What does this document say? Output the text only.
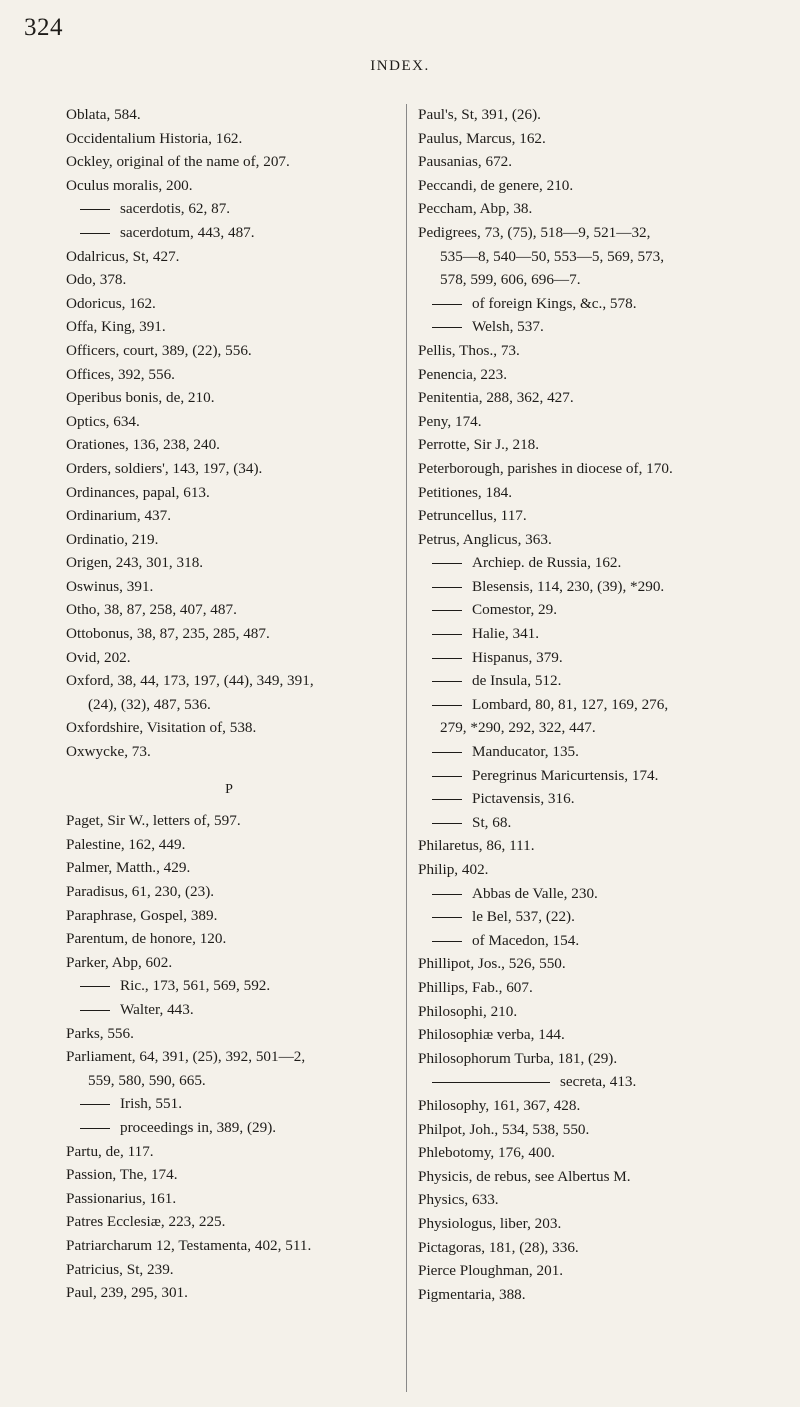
324
INDEX.
Oblata, 584.
Occidentalium Historia, 162.
Ockley, original of the name of, 207.
Oculus moralis, 200.
sacerdotis, 62, 87.
sacerdotum, 443, 487.
Odalricus, St, 427.
Odo, 378.
Odoricus, 162.
Offa, King, 391.
Officers, court, 389, (22), 556.
Offices, 392, 556.
Operibus bonis, de, 210.
Optics, 634.
Orationes, 136, 238, 240.
Orders, soldiers', 143, 197, (34).
Ordinances, papal, 613.
Ordinarium, 437.
Ordinatio, 219.
Origen, 243, 301, 318.
Oswinus, 391.
Otho, 38, 87, 258, 407, 487.
Ottobonus, 38, 87, 235, 285, 487.
Ovid, 202.
Oxford, 38, 44, 173, 197, (44), 349, 391,
(24), (32), 487, 536.
Oxfordshire, Visitation of, 538.
Oxwycke, 73.
P
Paget, Sir W., letters of, 597.
Palestine, 162, 449.
Palmer, Matth., 429.
Paradisus, 61, 230, (23).
Paraphrase, Gospel, 389.
Parentum, de honore, 120.
Parker, Abp, 602.
Ric., 173, 561, 569, 592.
Walter, 443.
Parks, 556.
Parliament, 64, 391, (25), 392, 501—2,
559, 580, 590, 665.
Irish, 551.
proceedings in, 389, (29).
Partu, de, 117.
Passion, The, 174.
Passionarius, 161.
Patres Ecclesiæ, 223, 225.
Patriarcharum 12, Testamenta, 402, 511.
Patricius, St, 239.
Paul, 239, 295, 301.
Paul's, St, 391, (26).
Paulus, Marcus, 162.
Pausanias, 672.
Peccandi, de genere, 210.
Peccham, Abp, 38.
Pedigrees, 73, (75), 518—9, 521—32,
535—8, 540—50, 553—5, 569, 573,
578, 599, 606, 696—7.
of foreign Kings, &c., 578.
Welsh, 537.
Pellis, Thos., 73.
Penencia, 223.
Penitentia, 288, 362, 427.
Peny, 174.
Perrotte, Sir J., 218.
Peterborough, parishes in diocese of, 170.
Petitiones, 184.
Petruncellus, 117.
Petrus, Anglicus, 363.
Archiep. de Russia, 162.
Blesensis, 114, 230, (39), *290.
Comestor, 29.
Halie, 341.
Hispanus, 379.
de Insula, 512.
Lombard, 80, 81, 127, 169, 276,
279, *290, 292, 322, 447.
Manducator, 135.
Peregrinus Maricurtensis, 174.
Pictavensis, 316.
St, 68.
Philaretus, 86, 111.
Philip, 402.
Abbas de Valle, 230.
le Bel, 537, (22).
of Macedon, 154.
Phillipot, Jos., 526, 550.
Phillips, Fab., 607.
Philosophi, 210.
Philosophiæ verba, 144.
Philosophorum Turba, 181, (29).
secreta, 413.
Philosophy, 161, 367, 428.
Philpot, Joh., 534, 538, 550.
Phlebotomy, 176, 400.
Physicis, de rebus, see Albertus M.
Physics, 633.
Physiologus, liber, 203.
Pictagoras, 181, (28), 336.
Pierce Ploughman, 201.
Pigmentaria, 388.
